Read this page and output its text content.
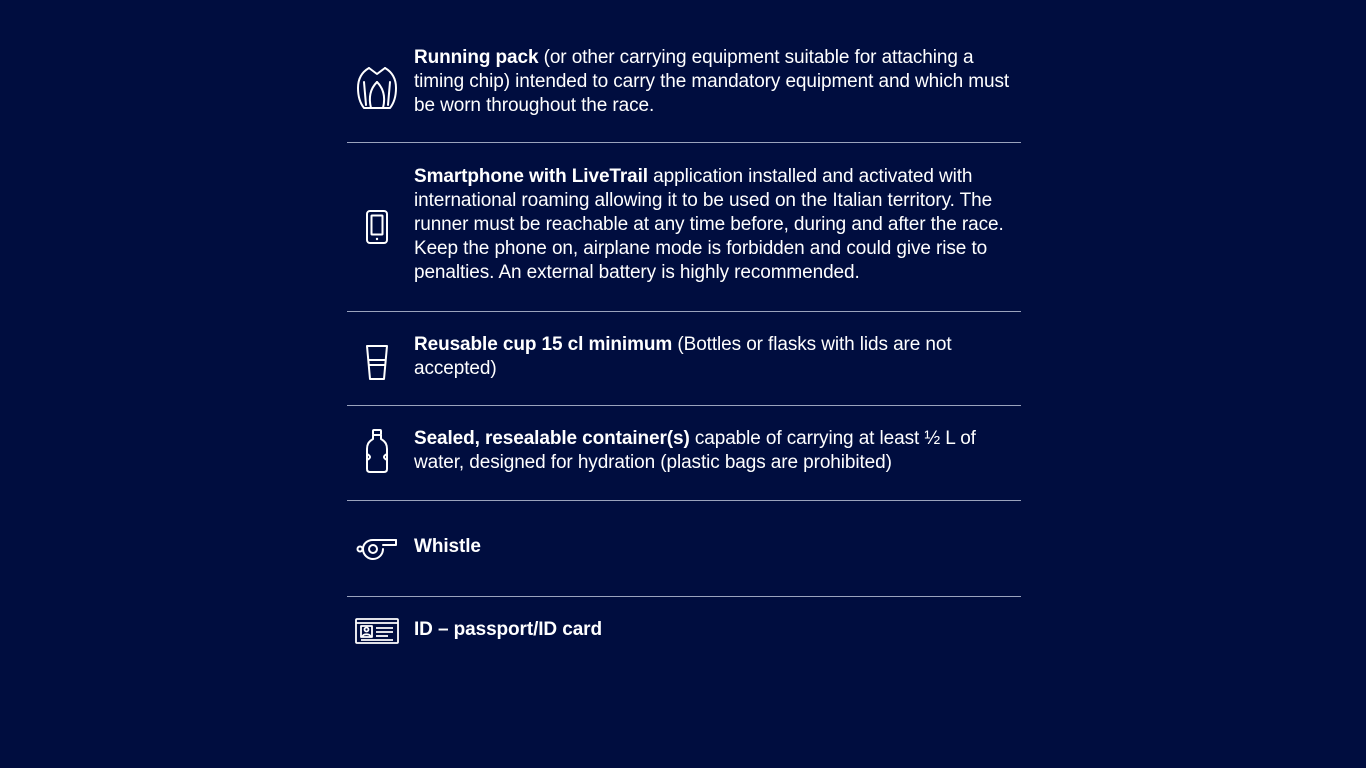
Running pack (or other carrying equipment suitable for attaching a timing chip) intended to carry the mandatory equipment and which must be worn throughout the race.
Smartphone with LiveTrail application installed and activated with international roaming allowing it to be used on the Italian territory. The runner must be reachable at any time before, during and after the race. Keep the phone on, airplane mode is forbidden and could give rise to penalties. An external battery is highly recommended.
Reusable cup 15 cl minimum (Bottles or flasks with lids are not accepted)
Sealed, resealable container(s) capable of carrying at least ½ L of water, designed for hydration (plastic bags are prohibited)
Whistle
ID – passport/ID card
